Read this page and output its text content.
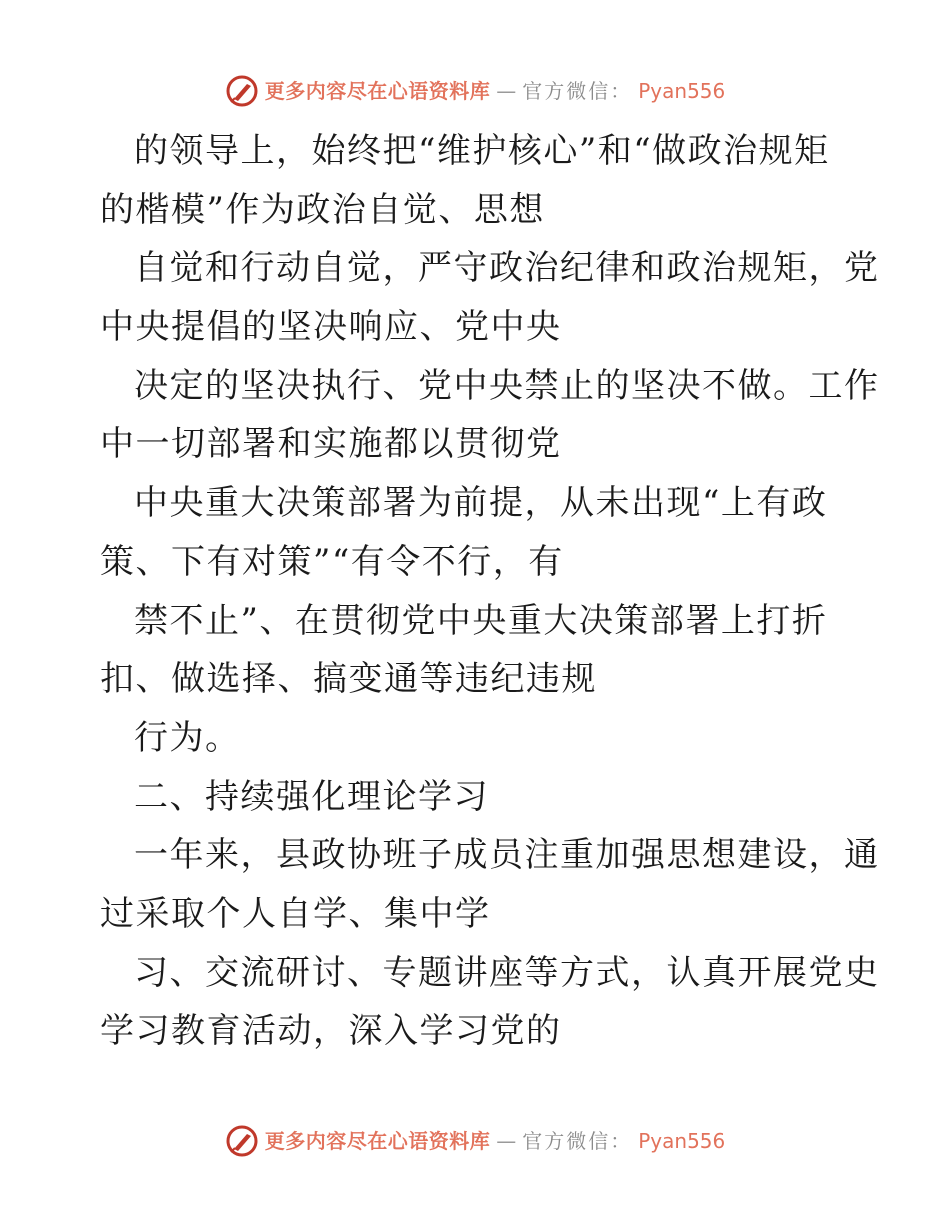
更多内容尽在心语资料库 — 官方微信： Pyan556
的领导上，始终把“维护核心”和“做政治规矩
的楷模”作为政治自觉、思想
自觉和行动自觉，严守政治纪律和政治规矩，党
中央提倡的坚决响应、党中央
决定的坚决执行、党中央禁止的坚决不做。工作
中一切部署和实施都以贯彻党
中央重大决策部署为前提，从未出现“上有政
策、下有对策”“有令不行，有
禁不止”、在贯彻党中央重大决策部署上打折
扣、做选择、搞变通等违纪违规
行为。
二、持续强化理论学习
一年来，县政协班子成员注重加强思想建设，通
过采取个人自学、集中学
习、交流研讨、专题讲座等方式，认真开展党史
学习教育活动，深入学习党的
更多内容尽在心语资料库 — 官方微信： Pyan556
